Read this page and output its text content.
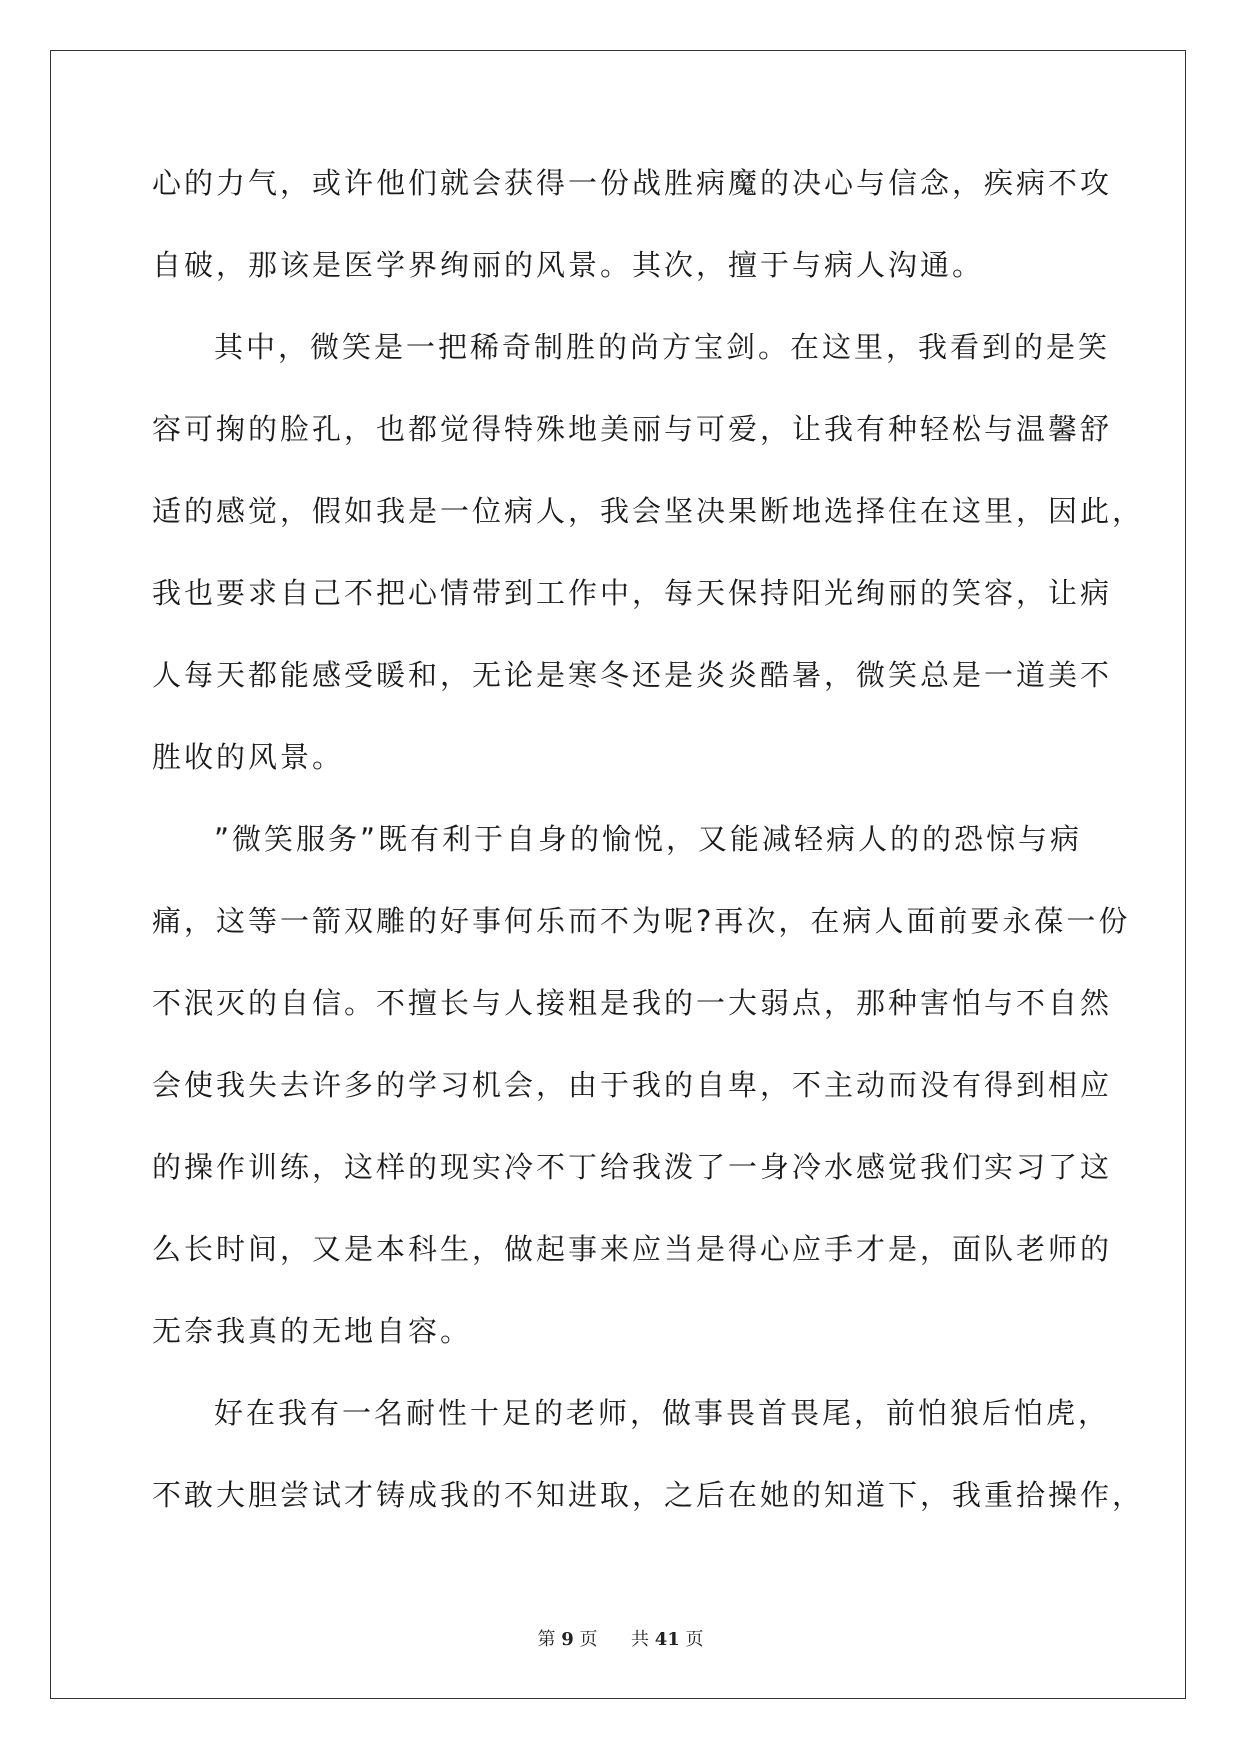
心的力气，或许他们就会获得一份战胜病魔的决心与信念，疾病不攻
自破，那该是医学界绚丽的风景。其次，擅于与病人沟通。
其中，微笑是一把稀奇制胜的尚方宝剑。在这里，我看到的是笑
容可掬的脸孔，也都觉得特殊地美丽与可爱，让我有种轻松与温馨舒
适的感觉，假如我是一位病人，我会坚决果断地选择住在这里，因此，
我也要求自己不把心情带到工作中，每天保持阳光绚丽的笑容，让病
人每天都能感受暖和，无论是寒冬还是炎炎酷暑，微笑总是一道美不
胜收的风景。
”微笑服务”既有利于自身的愉悦，又能减轻病人的的恐惊与病
痛，这等一箭双雕的好事何乐而不为呢?再次，在病人面前要永葆一份
不泯灭的自信。不擅长与人接粗是我的一大弱点，那种害怕与不自然
会使我失去许多的学习机会，由于我的自卑，不主动而没有得到相应
的操作训练，这样的现实冷不丁给我泼了一身冷水感觉我们实习了这
么长时间，又是本科生，做起事来应当是得心应手才是，面队老师的
无奈我真的无地自容。
好在我有一名耐性十足的老师，做事畏首畏尾，前怕狼后怕虎，
不敢大胆尝试才铸成我的不知进取，之后在她的知道下，我重拾操作，
第 9 页 共 41 页
